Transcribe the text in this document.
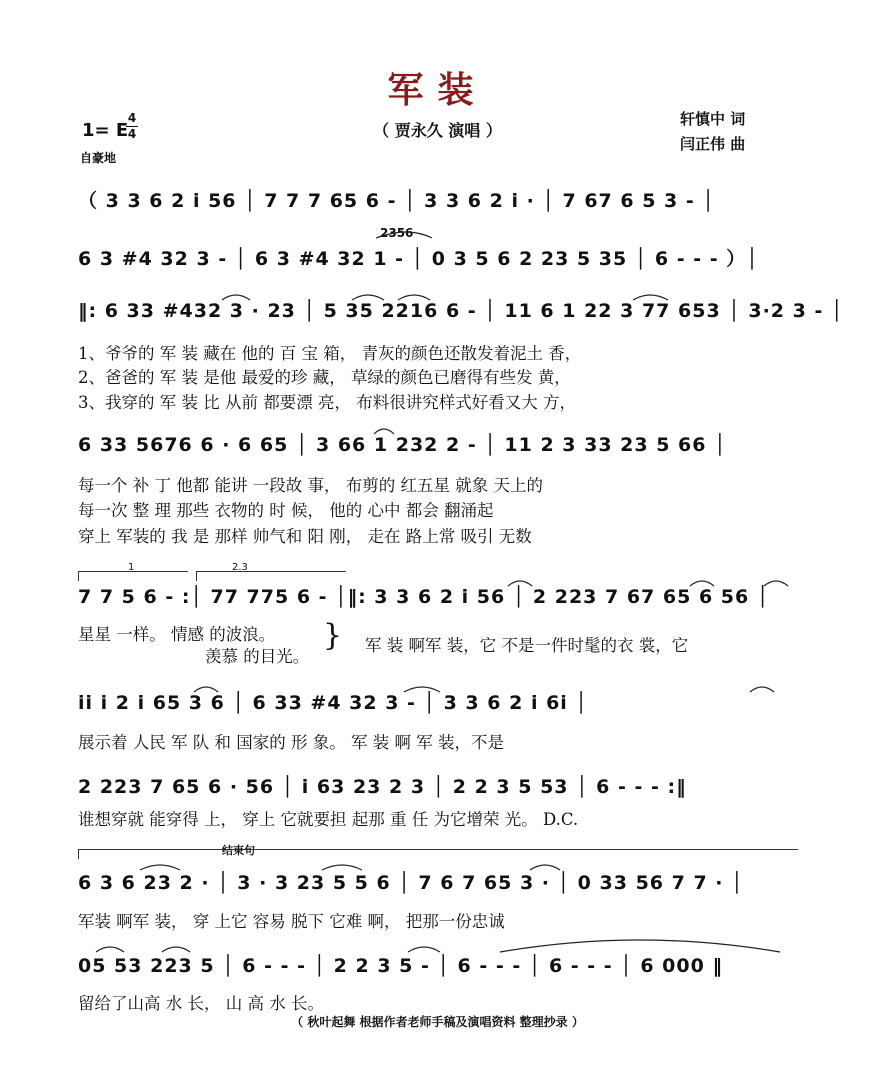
军装
（ 贾永久 演唱 ）
1= E
4
4
自豪地
轩慎中 词
闫正伟 曲
2356
（ 3 3 6 2 i 56 │ 7 7 7 65 6 - │ 3 3 6 2 i · │ 7 67 6 5 3 - │
6 3 #4 32 3 - │ 6 3 #4 32 1 - │ 0 3 5 6 2 23 5 35 │ 6 - - - ）│
‖: 6 33 #432 3 · 23 │ 5 35 2216 6 - │ 11 6 1 22 3 77 653 │ 3·2 3 - │
1、爷爷的 军 装 藏在 他的 百 宝 箱， 青灰的颜色还散发着泥土 香，
2、爸爸的 军 装 是他 最爱的珍 藏， 草绿的颜色已磨得有些发 黄，
3、我穿的 军 装 比 从前 都要漂 亮， 布料很讲究样式好看又大 方，
6 33 5676 6 · 6 65 │ 3 66 1 232 2 - │ 11 2 3 33 23 5 66 │
每一个 补 丁 他都 能讲 一段故 事， 布剪的 红五星 就象 天上的
每一次 整 理 那些 衣物的 时 候， 他的 心中 都会 翻涌起
穿上 军装的 我 是 那样 帅气和 阳 刚， 走在 路上常 吸引 无数
1	2.3
7 7 5 6 - :│ 77 775 6 - │‖: 3 3 6 2 i 56 │ 2 223 7 67 65 6 56 │
星星 一样。 情感 的波浪。
羡慕 的目光。
} 军 装 啊军 装，它 不是一件时髦的衣 裳，它
ii i 2 i 65 3 6 │ 6 33 #4 32 3 - │ 3 3 6 2 i 6i │
展示着 人民 军 队 和 国家的 形 象。 军 装 啊 军 装，不是
2 223 7 65 6 · 56 │ i 63 23 2 3 │ 2 2 3 5 53 │ 6 - - - :‖
谁想穿就 能穿得 上， 穿上 它就要担 起那 重 任 为它增荣 光。 D.C.
结束句
6 3 6 23 2 · │ 3 · 3 23 5 5 6 │ 7 6 7 65 3 · │ 0 33 56 7 7 · │
军装 啊军 装， 穿 上它 容易 脱下 它难 啊， 把那一份忠诚
05 53 223 5 │ 6 - - - │ 2 2 3 5 - │ 6 - - - │ 6 - - - │ 6 000 ‖
留给了山高 水 长， 山 高 水 长。
（ 秋叶起舞 根据作者老师手稿及演唱资料 整理抄录 ）
